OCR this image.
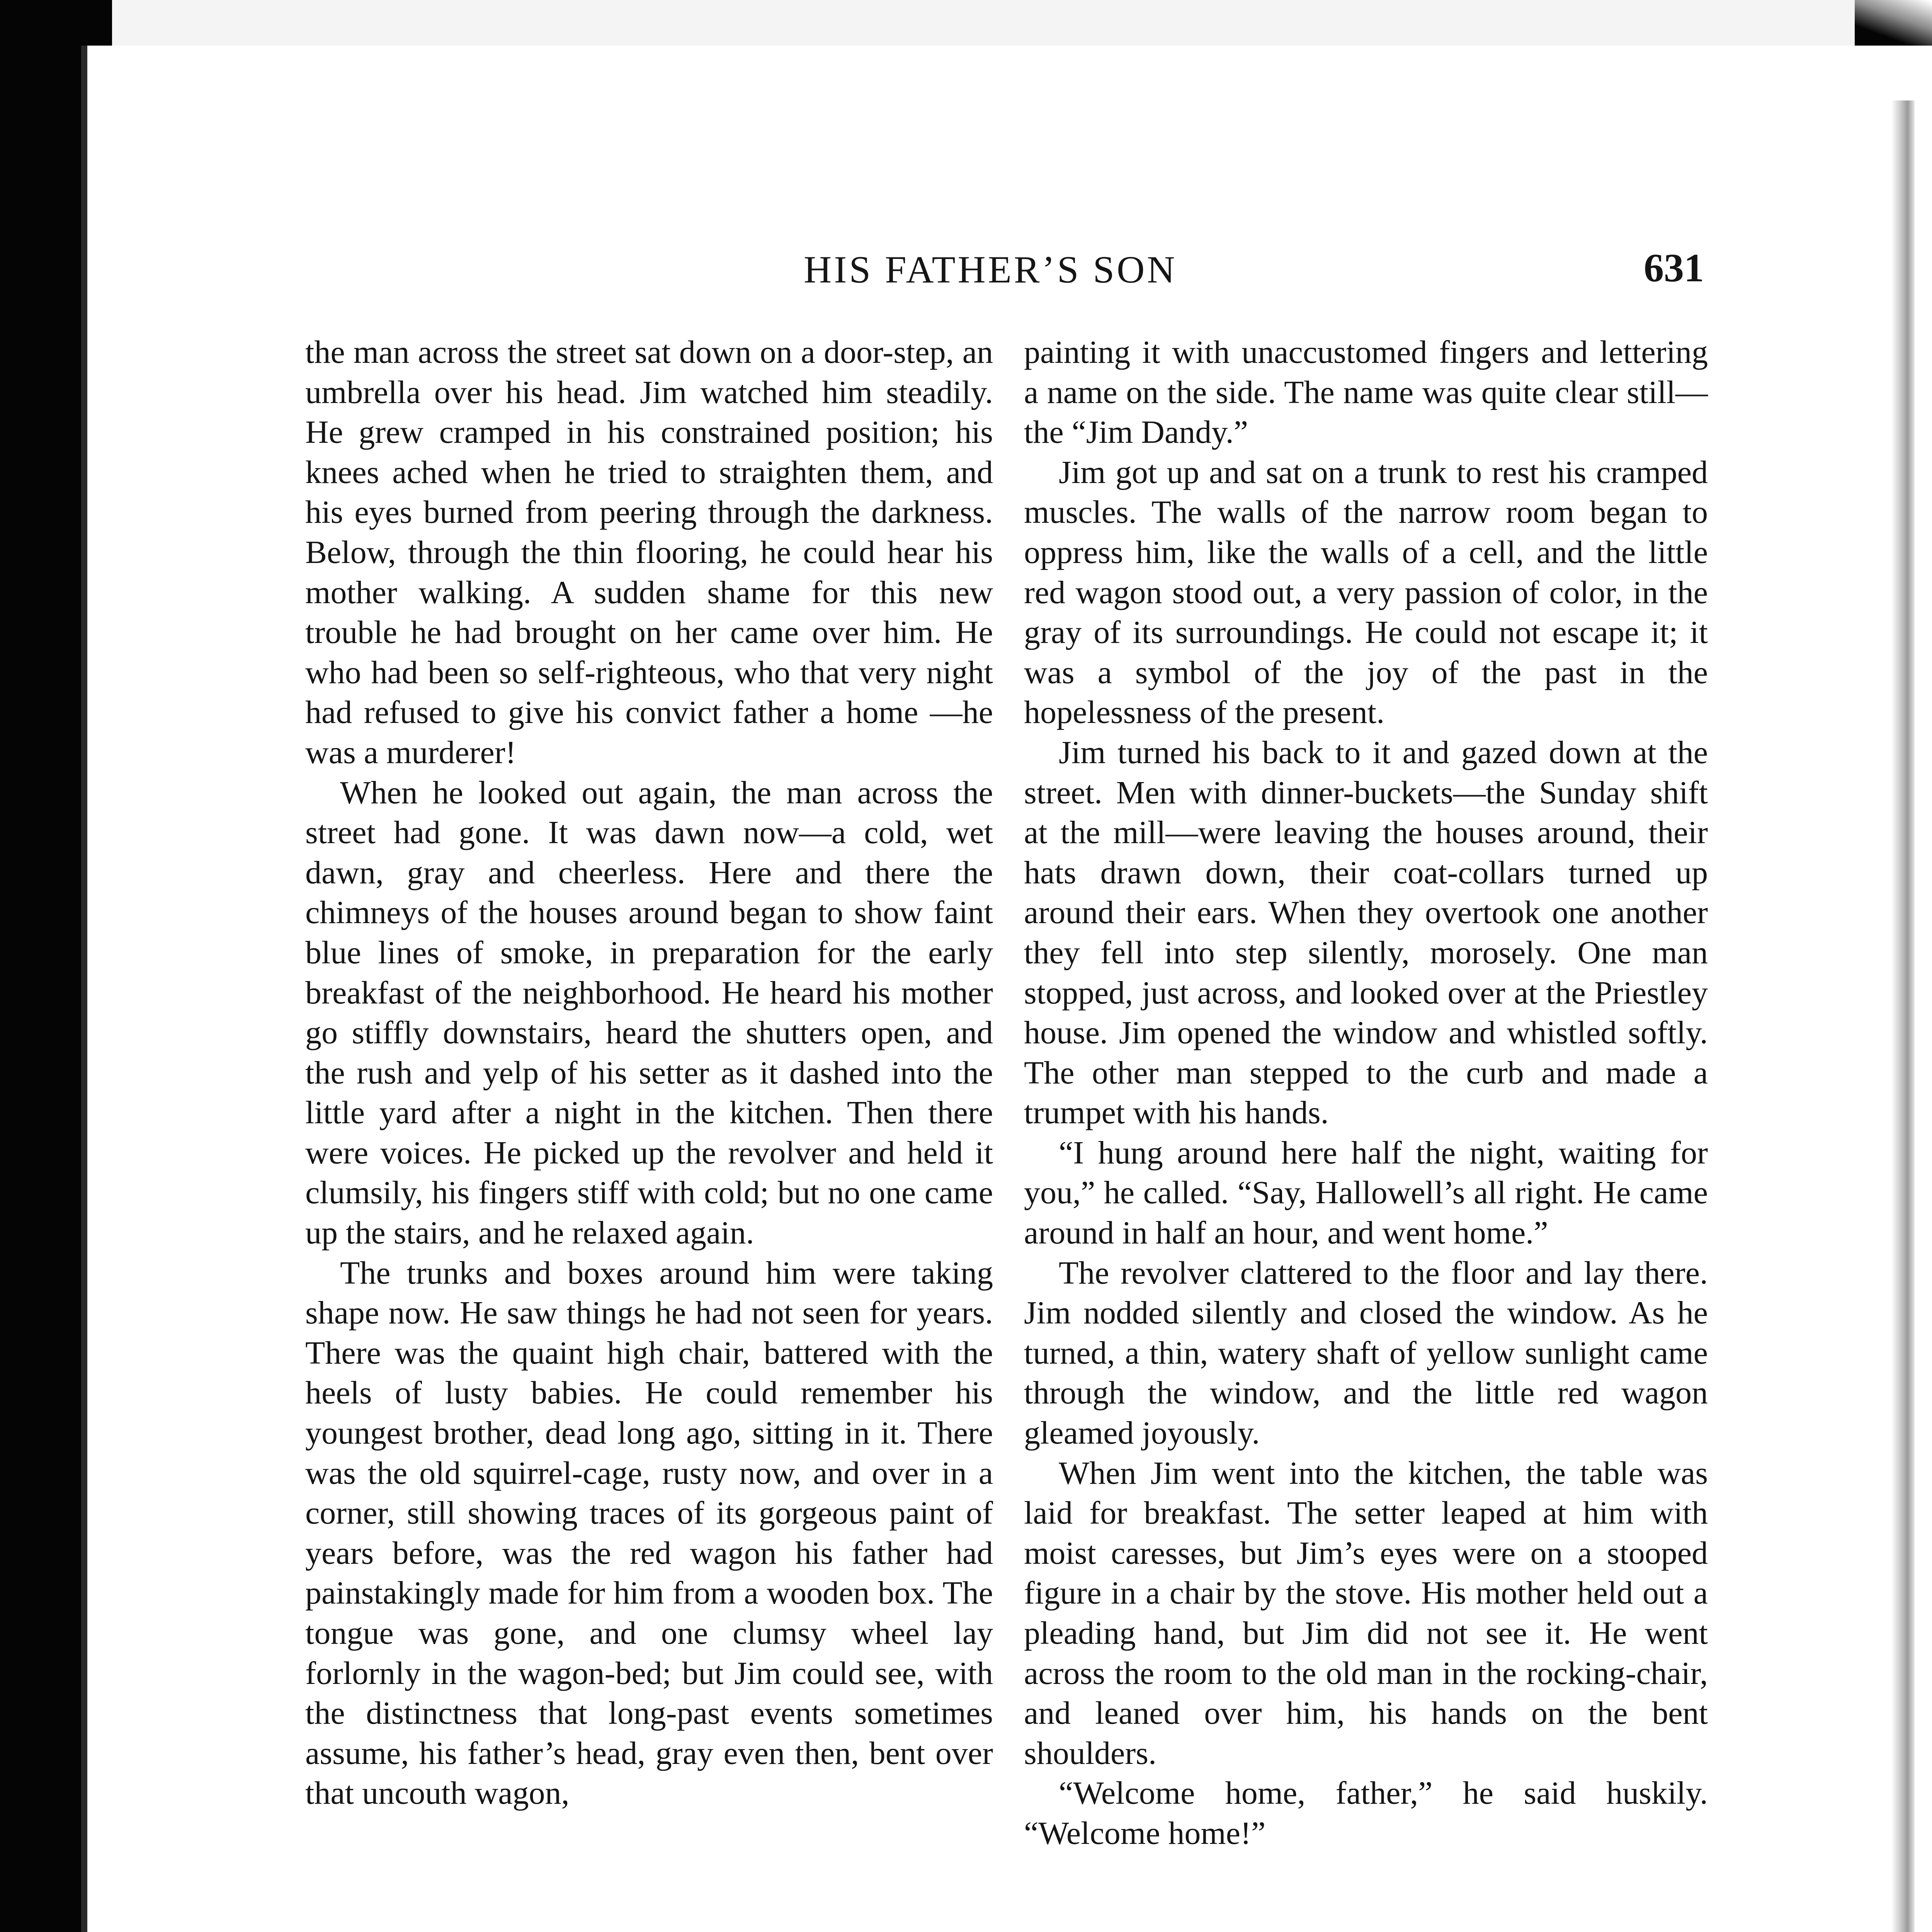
HIS FATHER’S SON	631

the man across the street sat down on a door-step, an umbrella over his head. Jim watched him steadily. He grew cramped in his constrained position; his knees ached when he tried to straighten them, and his eyes burned from peering through the darkness. Below, through the thin flooring, he could hear his mother walking. A sudden shame for this new trouble he had brought on her came over him. He who had been so self-righteous, who that very night had refused to give his convict father a home —he was a murderer!

When he looked out again, the man across the street had gone. It was dawn now—a cold, wet dawn, gray and cheerless. Here and there the chimneys of the houses around began to show faint blue lines of smoke, in preparation for the early breakfast of the neighborhood. He heard his mother go stiffly downstairs, heard the shutters open, and the rush and yelp of his setter as it dashed into the little yard after a night in the kitchen. Then there were voices. He picked up the revolver and held it clumsily, his fingers stiff with cold; but no one came up the stairs, and he relaxed again.

The trunks and boxes around him were taking shape now. He saw things he had not seen for years. There was the quaint high chair, battered with the heels of lusty babies. He could remember his youngest brother, dead long ago, sitting in it. There was the old squirrel-cage, rusty now, and over in a corner, still showing traces of its gorgeous paint of years before, was the red wagon his father had painstakingly made for him from a wooden box. The tongue was gone, and one clumsy wheel lay forlornly in the wagon-bed; but Jim could see, with the distinctness that long-past events sometimes assume, his father’s head, gray even then, bent over that uncouth wagon,

painting it with unaccustomed fingers and lettering a name on the side. The name was quite clear still—the “Jim Dandy.”

Jim got up and sat on a trunk to rest his cramped muscles. The walls of the narrow room began to oppress him, like the walls of a cell, and the little red wagon stood out, a very passion of color, in the gray of its surroundings. He could not escape it; it was a symbol of the joy of the past in the hopelessness of the present.

Jim turned his back to it and gazed down at the street. Men with dinner-buckets—the Sunday shift at the mill—were leaving the houses around, their hats drawn down, their coat-collars turned up around their ears. When they overtook one another they fell into step silently, morosely. One man stopped, just across, and looked over at the Priestley house. Jim opened the window and whistled softly. The other man stepped to the curb and made a trumpet with his hands.

“I hung around here half the night, waiting for you,” he called. “Say, Hallowell’s all right. He came around in half an hour, and went home.”

The revolver clattered to the floor and lay there. Jim nodded silently and closed the window. As he turned, a thin, watery shaft of yellow sunlight came through the window, and the little red wagon gleamed joyously.

When Jim went into the kitchen, the table was laid for breakfast. The setter leaped at him with moist caresses, but Jim’s eyes were on a stooped figure in a chair by the stove. His mother held out a pleading hand, but Jim did not see it. He went across the room to the old man in the rocking-chair, and leaned over him, his hands on the bent shoulders.

“Welcome home, father,” he said huskily. “Welcome home!”
